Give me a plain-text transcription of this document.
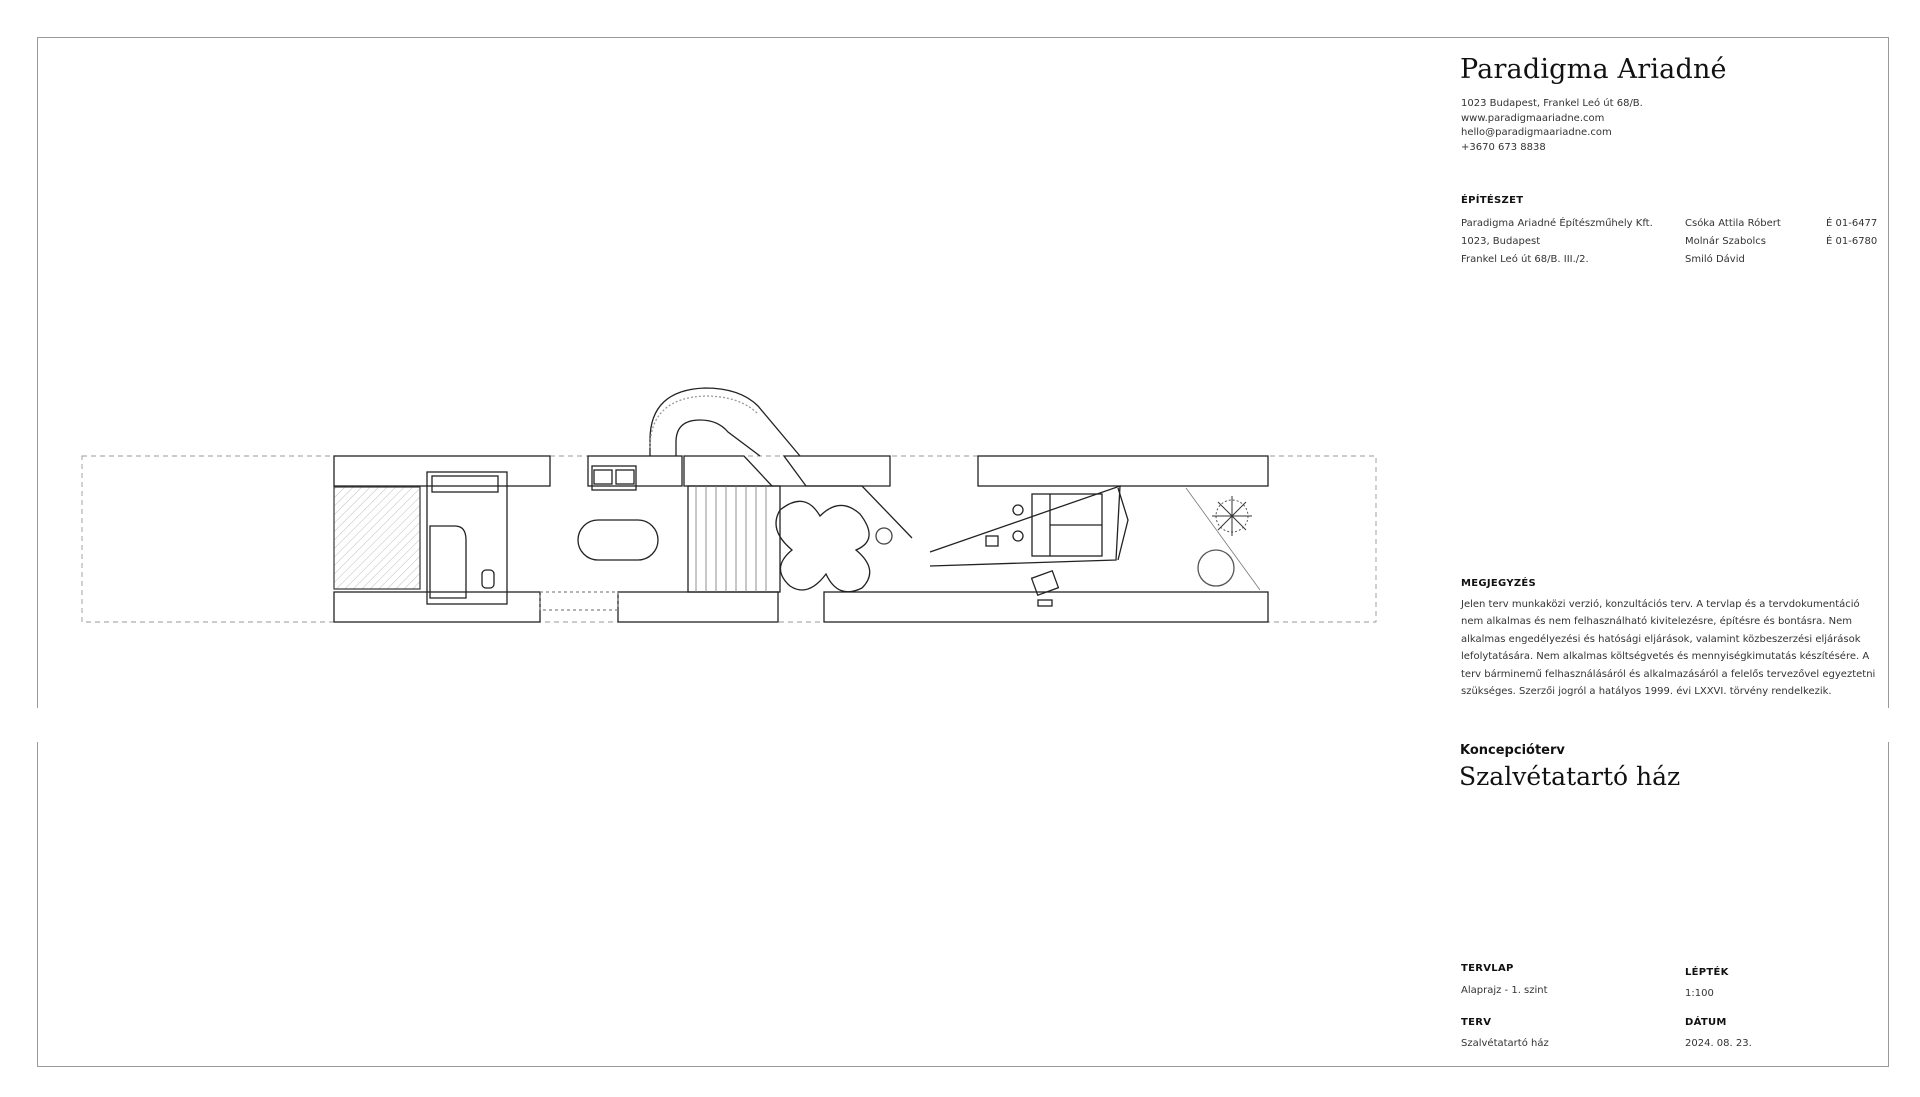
Paradigma Ariadné
1023 Budapest, Frankel Leó út 68/B.
www.paradigmaariadne.com
hello@paradigmaariadne.com
+3670 673 8838
ÉPÍTÉSZET
Paradigma Ariadné Építészműhely Kft.
1023, Budapest
Frankel Leó út 68/B. III./2.
Csóka Attila Róbert
Molnár Szabolcs
Smiló Dávid
É 01-6477
É 01-6780
MEGJEGYZÉS
Jelen terv munkaközi verzió, konzultációs terv. A tervlap és a tervdokumentáció nem alkalmas és nem felhasználható kivitelezésre, építésre és bontásra. Nem alkalmas engedélyezési és hatósági eljárások, valamint közbeszerzési eljárások lefolytatására. Nem alkalmas költségvetés és mennyiségkimutatás készítésére. A terv bárminemű felhasználásáról és alkalmazásáról a felelős tervezővel egyeztetni szükséges. Szerzői jogról a hatályos 1999. évi LXXVI. törvény rendelkezik.
Koncepcióterv
Szalvétatartó ház
TERVLAP
Alaprajz - 1. szint
LÉPTÉK
1:100
TERV
Szalvétatartó ház
DÁTUM
2024. 08. 23.
